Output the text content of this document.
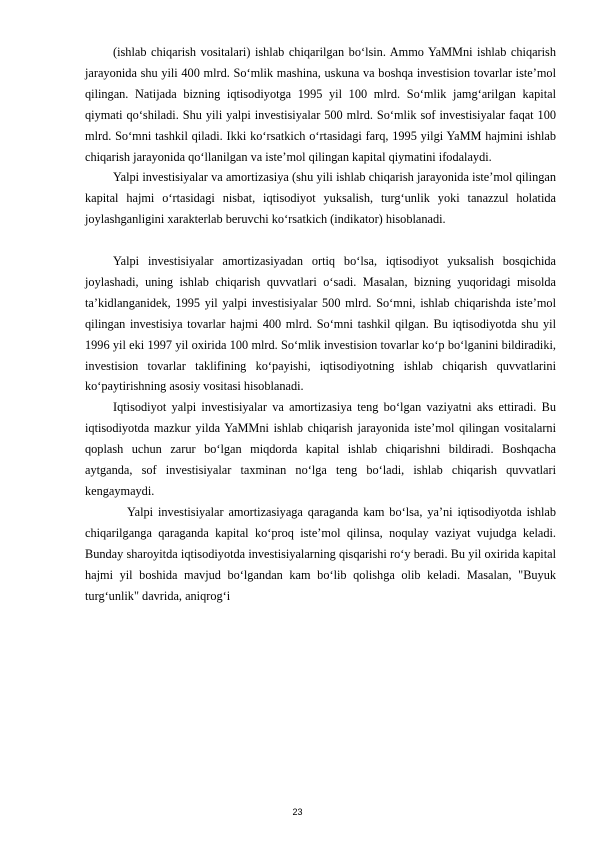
(ishlab chiqarish vositalari) ishlab chiqarilgan bo‘lsin. Ammo YaMMni ishlab chiqarish jarayonida shu yili 400 mlrd. So‘mlik mashina, uskuna va boshqa investision tovarlar iste’mol qilingan. Natijada bizning iqtisodiyotga 1995 yil 100 mlrd. So‘mlik jamg‘arilgan kapital qiymati qo‘shiladi. Shu yili yalpi investisiyalar 500 mlrd. So‘mlik sof investisiyalar faqat 100 mlrd. So‘mni tashkil qiladi. Ikki ko‘rsatkich o‘rtasidagi farq, 1995 yilgi YaMM hajmini ishlab chiqarish jarayonida qo‘llanilgan va iste’mol qilingan kapital qiymatini ifodalaydi.

Yalpi investisiyalar va amortizasiya (shu yili ishlab chiqarish jarayonida iste’mol qilingan kapital hajmi o‘rtasidagi nisbat, iqtisodiyot yuksalish, turg‘unlik yoki tanazzul holatida joylashganligini xarakterlab beruvchi ko‘rsatkich (indikator) hisoblanadi.

Yalpi investisiyalar amortizasiyadan ortiq bo‘lsa, iqtisodiyot yuksalish bosqichida joylashadi, uning ishlab chiqarish quvvatlari o‘sadi. Masalan, bizning yuqoridagi misolda ta’kidlanganidek, 1995 yil yalpi investisiyalar 500 mlrd. So‘mni, ishlab chiqarishda iste’mol qilingan investisiya tovarlar hajmi 400 mlrd. So‘mni tashkil qilgan. Bu iqtisodiyotda shu yil 1996 yil eki 1997 yil oxirida 100 mlrd. So‘mlik investision tovarlar ko‘p bo‘lganini bildiradiki, investision tovarlar taklifining ko‘payishi, iqtisodiyotning ishlab chiqarish quvvatlarini ko‘paytirishning asosiy vositasi hisoblanadi.

Iqtisodiyot yalpi investisiyalar va amortizasiya teng bo‘lgan vaziyatni aks ettiradi. Bu iqtisodiyotda mazkur yilda YaMMni ishlab chiqarish jarayonida iste’mol qilingan vositalarni qoplash uchun zarur bo‘lgan miqdorda kapital ishlab chiqarishni bildiradi. Boshqacha aytganda, sof investisiyalar taxminan no‘lga teng bo‘ladi, ishlab chiqarish quvvatlari kengaymaydi.

Yalpi investisiyalar amortizasiyaga qaraganda kam bo‘lsa, ya’ni iqtisodiyotda ishlab chiqarilganga qaraganda kapital ko‘proq iste’mol qilinsa, noqulay vaziyat vujudga keladi. Bunday sharoyitda iqtisodiyotda investisiyalarning qisqarishi ro‘y beradi. Bu yil oxirida kapital hajmi yil boshida mavjud bo‘lgandan kam bo‘lib qolishga olib keladi. Masalan, "Buyuk turg‘unlik" davrida, aniqrog‘i

23
